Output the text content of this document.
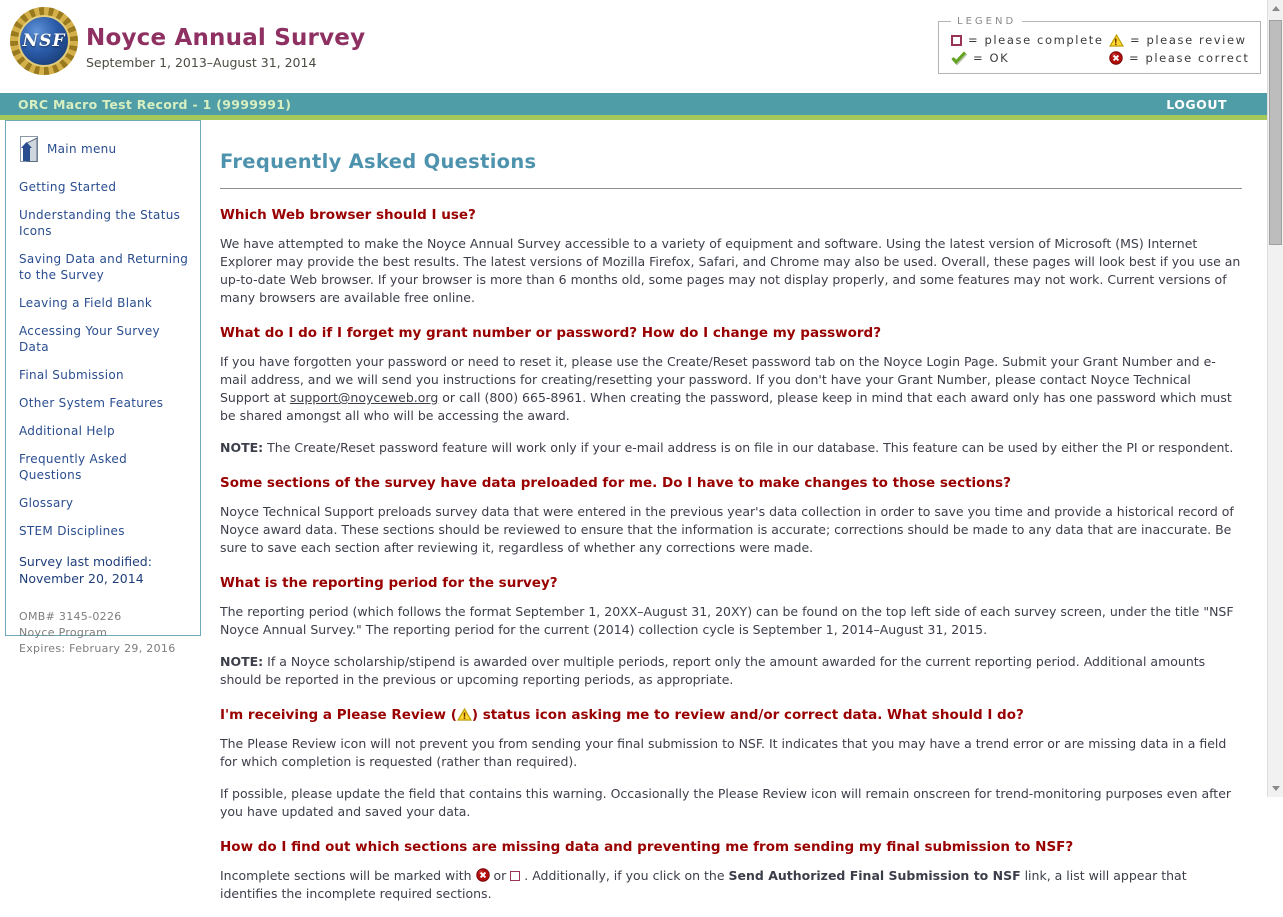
NSF Noyce Annual Survey
September 1, 2013–August 31, 2014
LEGEND
= please complete ! = please review
= OK	= please correct
ORC Macro Test Record - 1 (9999991)	LOGOUT
Main menu
Getting Started
Understanding the Status Icons
Saving Data and Returning to the Survey
Leaving a Field Blank
Accessing Your Survey Data
Final Submission
Other System Features
Additional Help
Frequently Asked Questions
Glossary
STEM Disciplines
Survey last modified:
November 20, 2014
OMB# 3145-0226
Noyce Program
Expires: February 29, 2016
Frequently Asked Questions
Which Web browser should I use?

We have attempted to make the Noyce Annual Survey accessible to a variety of equipment and software. Using the latest version of Microsoft (MS) Internet Explorer may provide the best results. The latest versions of Mozilla Firefox, Safari, and Chrome may also be used. Overall, these pages will look best if you use an up-to-date Web browser. If your browser is more than 6 months old, some pages may not display properly, and some features may not work. Current versions of many browsers are available free online.

What do I do if I forget my grant number or password? How do I change my password?

If you have forgotten your password or need to reset it, please use the Create/Reset password tab on the Noyce Login Page. Submit your Grant Number and e-mail address, and we will send you instructions for creating/resetting your password. If you don't have your Grant Number, please contact Noyce Technical Support at support@noyceweb.org or call (800) 665-8961. When creating the password, please keep in mind that each award only has one password which must be shared amongst all who will be accessing the award.

NOTE: The Create/Reset password feature will work only if your e-mail address is on file in our database. This feature can be used by either the PI or respondent.

Some sections of the survey have data preloaded for me. Do I have to make changes to those sections?

Noyce Technical Support preloads survey data that were entered in the previous year's data collection in order to save you time and provide a historical record of Noyce award data. These sections should be reviewed to ensure that the information is accurate; corrections should be made to any data that are inaccurate. Be sure to save each section after reviewing it, regardless of whether any corrections were made.

What is the reporting period for the survey?

The reporting period (which follows the format September 1, 20XX–August 31, 20XY) can be found on the top left side of each survey screen, under the title "NSF Noyce Annual Survey." The reporting period for the current (2014) collection cycle is September 1, 2014–August 31, 2015.

NOTE: If a Noyce scholarship/stipend is awarded over multiple periods, report only the amount awarded for the current reporting period. Additional amounts should be reported in the previous or upcoming reporting periods, as appropriate.

I'm receiving a Please Review ( ! ) status icon asking me to review and/or correct data. What should I do?

The Please Review icon will not prevent you from sending your final submission to NSF. It indicates that you may have a trend error or are missing data in a field for which completion is requested (rather than required).

If possible, please update the field that contains this warning. Occasionally the Please Review icon will remain onscreen for trend-monitoring purposes even after you have updated and saved your data.

How do I find out which sections are missing data and preventing me from sending my final submission to NSF?

Incomplete sections will be marked with  or  . Additionally, if you click on the Send Authorized Final Submission to NSF link, a list will appear that identifies the incomplete required sections.
